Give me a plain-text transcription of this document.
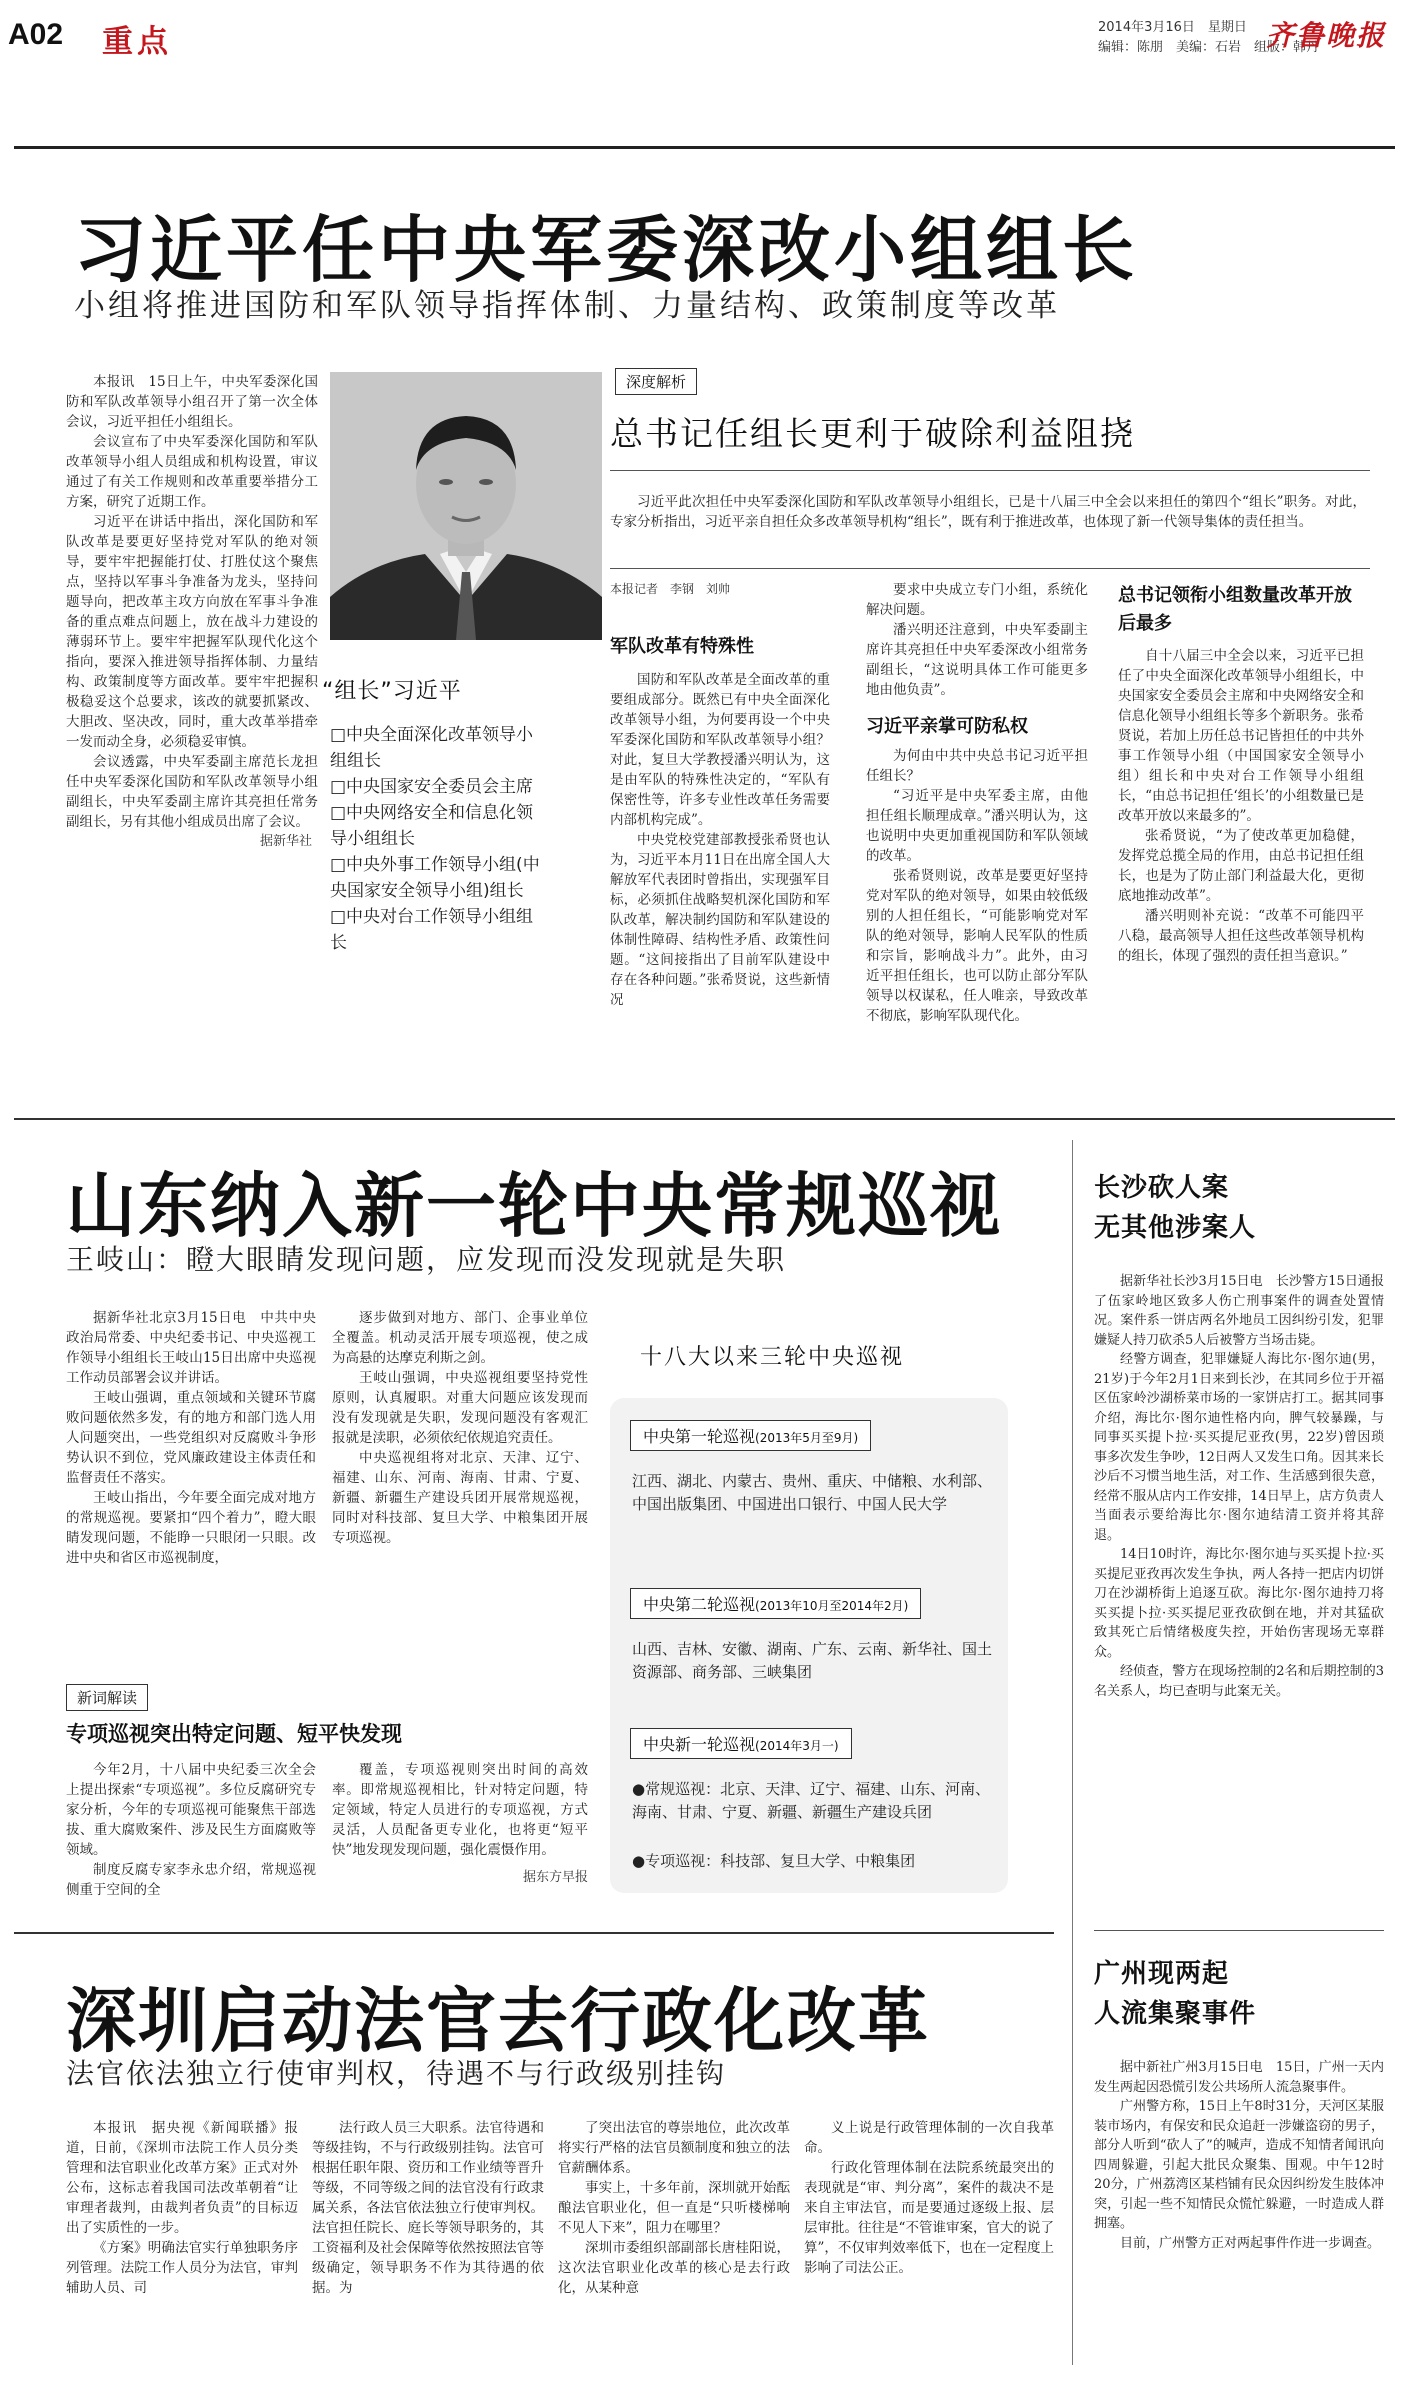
A02 重点	2014年3月16日　星期日
编辑：陈朋　美编：石岩　组版：韩丹
齐鲁晚报
习近平任中央军委深改小组组长
小组将推进国防和军队领导指挥体制、力量结构、政策制度等改革

本报讯　15日上午，中央军委深化国防和军队改革领导小组召开了第一次全体会议，习近平担任小组组长。

会议宣布了中央军委深化国防和军队改革领导小组人员组成和机构设置，审议通过了有关工作规则和改革重要举措分工方案，研究了近期工作。

习近平在讲话中指出，深化国防和军队改革是要更好坚持党对军队的绝对领导，要牢牢把握能打仗、打胜仗这个聚焦点，坚持以军事斗争准备为龙头，坚持问题导向，把改革主攻方向放在军事斗争准备的重点难点问题上，放在战斗力建设的薄弱环节上。要牢牢把握军队现代化这个指向，要深入推进领导指挥体制、力量结构、政策制度等方面改革。要牢牢把握积极稳妥这个总要求，该改的就要抓紧改、大胆改、坚决改，同时，重大改革举措牵一发而动全身，必须稳妥审慎。

会议透露，中央军委副主席范长龙担任中央军委深化国防和军队改革领导小组副组长，中央军委副主席许其亮担任常务副组长，另有其他小组成员出席了会议。

据新华社
“组长”习近平
□中央全面深化改革领导小组组长
□中央国家安全委员会主席
□中央网络安全和信息化领导小组组长
□中央外事工作领导小组(中央国家安全领导小组)组长
□中央对台工作领导小组组长
深度解析
总书记任组长更利于破除利益阻挠

习近平此次担任中央军委深化国防和军队改革领导小组组长，已是十八届三中全会以来担任的第四个“组长”职务。对此，专家分析指出，习近平亲自担任众多改革领导机构“组长”，既有利于推进改革，也体现了新一代领导集体的责任担当。

本报记者　李钢　刘帅
军队改革有特殊性

国防和军队改革是全面改革的重要组成部分。既然已有中央全面深化改革领导小组，为何要再设一个中央军委深化国防和军队改革领导小组？对此，复旦大学教授潘兴明认为，这是由军队的特殊性决定的，“军队有保密性等，许多专业性改革任务需要内部机构完成”。

中央党校党建部教授张希贤也认为，习近平本月11日在出席全国人大解放军代表团时曾指出，实现强军目标，必须抓住战略契机深化国防和军队改革，解决制约国防和军队建设的体制性障碍、结构性矛盾、政策性问题。“这间接指出了目前军队建设中存在各种问题。”张希贤说，这些新情况

要求中央成立专门小组，系统化解决问题。

潘兴明还注意到，中央军委副主席许其亮担任中央军委深改小组常务副组长，“这说明具体工作可能更多地由他负责”。

习近平亲掌可防私权

为何由中共中央总书记习近平担任组长？

“习近平是中央军委主席，由他担任组长顺理成章。”潘兴明认为，这也说明中央更加重视国防和军队领域的改革。

张希贤则说，改革是要更好坚持党对军队的绝对领导，如果由较低级别的人担任组长，“可能影响党对军队的绝对领导，影响人民军队的性质和宗旨，影响战斗力”。此外，由习近平担任组长，也可以防止部分军队领导以权谋私，任人唯亲，导致改革不彻底，影响军队现代化。

总书记领衔小组数量改革开放后最多

自十八届三中全会以来，习近平已担任了中央全面深化改革领导小组组长，中央国家安全委员会主席和中央网络安全和信息化领导小组组长等多个新职务。张希贤说，若加上历任总书记皆担任的中共外事工作领导小组（中国国家安全领导小组）组长和中央对台工作领导小组组长，“由总书记担任‘组长’的小组数量已是改革开放以来最多的”。

张希贤说，“为了使改革更加稳健，发挥党总揽全局的作用，由总书记担任组长，也是为了防止部门利益最大化，更彻底地推动改革”。

潘兴明则补充说：“改革不可能四平八稳，最高领导人担任这些改革领导机构的组长，体现了强烈的责任担当意识。”

山东纳入新一轮中央常规巡视
王岐山：瞪大眼睛发现问题，应发现而没发现就是失职

据新华社北京3月15日电　中共中央政治局常委、中央纪委书记、中央巡视工作领导小组组长王岐山15日出席中央巡视工作动员部署会议并讲话。

王岐山强调，重点领域和关键环节腐败问题依然多发，有的地方和部门选人用人问题突出，一些党组织对反腐败斗争形势认识不到位，党风廉政建设主体责任和监督责任不落实。

王岐山指出，今年要全面完成对地方的常规巡视。要紧扣“四个着力”，瞪大眼睛发现问题，不能睁一只眼闭一只眼。改进中央和省区市巡视制度，

逐步做到对地方、部门、企事业单位全覆盖。机动灵活开展专项巡视，使之成为高悬的达摩克利斯之剑。

王岐山强调，中央巡视组要坚持党性原则，认真履职。对重大问题应该发现而没有发现就是失职，发现问题没有客观汇报就是渎职，必须依纪依规追究责任。

中央巡视组将对北京、天津、辽宁、福建、山东、河南、海南、甘肃、宁夏、新疆、新疆生产建设兵团开展常规巡视，同时对科技部、复旦大学、中粮集团开展专项巡视。

新词解读
专项巡视突出特定问题、短平快发现

今年2月，十八届中央纪委三次全会上提出探索“专项巡视”。多位反腐研究专家分析，今年的专项巡视可能聚焦干部选拔、重大腐败案件、涉及民生方面腐败等领域。

制度反腐专家李永忠介绍，常规巡视侧重于空间的全

覆盖，专项巡视则突出时间的高效率。即常规巡视相比，针对特定问题，特定领域，特定人员进行的专项巡视，方式灵活，人员配备更专业化，也将更“短平快”地发现发现问题，强化震慑作用。

据东方早报
十八大以来三轮中央巡视
中央第一轮巡视(2013年5月至9月)
江西、湖北、内蒙古、贵州、重庆、中储粮、水利部、中国出版集团、中国进出口银行、中国人民大学
中央第二轮巡视(2013年10月至2014年2月)
山西、吉林、安徽、湖南、广东、云南、新华社、国土资源部、商务部、三峡集团
中央新一轮巡视(2014年3月一)
●常规巡视：北京、天津、辽宁、福建、山东、河南、海南、甘肃、宁夏、新疆、新疆生产建设兵团
●专项巡视：科技部、复旦大学、中粮集团
长沙砍人案
无其他涉案人

据新华社长沙3月15日电　长沙警方15日通报了伍家岭地区致多人伤亡刑事案件的调查处置情况。案件系一饼店两名外地员工因纠纷引发，犯罪嫌疑人持刀砍杀5人后被警方当场击毙。

经警方调查，犯罪嫌疑人海比尔·图尔迪(男，21岁)于今年2月1日来到长沙，在其同乡位于开福区伍家岭沙湖桥菜市场的一家饼店打工。据其同事介绍，海比尔·图尔迪性格内向，脾气较暴躁，与同事买买提卜拉·买买提尼亚孜(男，22岁)曾因琐事多次发生争吵，12日两人又发生口角。因其来长沙后不习惯当地生活，对工作、生活感到很失意，经常不服从店内工作安排，14日早上，店方负责人当面表示要给海比尔·图尔迪结清工资并将其辞退。

14日10时许，海比尔·图尔迪与买买提卜拉·买买提尼亚孜再次发生争执，两人各持一把店内切饼刀在沙湖桥街上追逐互砍。海比尔·图尔迪持刀将买买提卜拉·买买提尼亚孜砍倒在地，并对其猛砍致其死亡后情绪极度失控，开始伤害现场无辜群众。

经侦查，警方在现场控制的2名和后期控制的3名关系人，均已查明与此案无关。

广州现两起
人流集聚事件

据中新社广州3月15日电　15日，广州一天内发生两起因恐慌引发公共场所人流急聚事件。

广州警方称，15日上午8时31分，天河区某服装市场内，有保安和民众追赶一涉嫌盗窃的男子，部分人听到“砍人了”的喊声，造成不知情者闻讯向四周躲避，引起大批民众聚集、围观。中午12时20分，广州荔湾区某档铺有民众因纠纷发生肢体冲突，引起一些不知情民众慌忙躲避，一时造成人群拥塞。

目前，广州警方正对两起事件作进一步调查。

深圳启动法官去行政化改革
法官依法独立行使审判权，待遇不与行政级别挂钩

本报讯　据央视《新闻联播》报道，日前，《深圳市法院工作人员分类管理和法官职业化改革方案》正式对外公布，这标志着我国司法改革朝着“让审理者裁判，由裁判者负责”的目标迈出了实质性的一步。

《方案》明确法官实行单独职务序列管理。法院工作人员分为法官，审判辅助人员、司

法行政人员三大职系。法官待遇和等级挂钩，不与行政级别挂钩。法官可根据任职年限、资历和工作业绩等晋升等级，不同等级之间的法官没有行政隶属关系，各法官依法独立行使审判权。法官担任院长、庭长等领导职务的，其工资福利及社会保障等依然按照法官等级确定，领导职务不作为其待遇的依据。为

了突出法官的尊崇地位，此次改革将实行严格的法官员额制度和独立的法官薪酬体系。

事实上，十多年前，深圳就开始酝酿法官职业化，但一直是“只听楼梯响不见人下来”，阻力在哪里？

深圳市委组织部副部长唐桂阳说，这次法官职业化改革的核心是去行政化，从某种意

义上说是行政管理体制的一次自我革命。

行政化管理体制在法院系统最突出的表现就是“审、判分离”，案件的裁决不是来自主审法官，而是要通过逐级上报、层层审批。往往是“不管谁审案，官大的说了算”，不仅审判效率低下，也在一定程度上影响了司法公正。
